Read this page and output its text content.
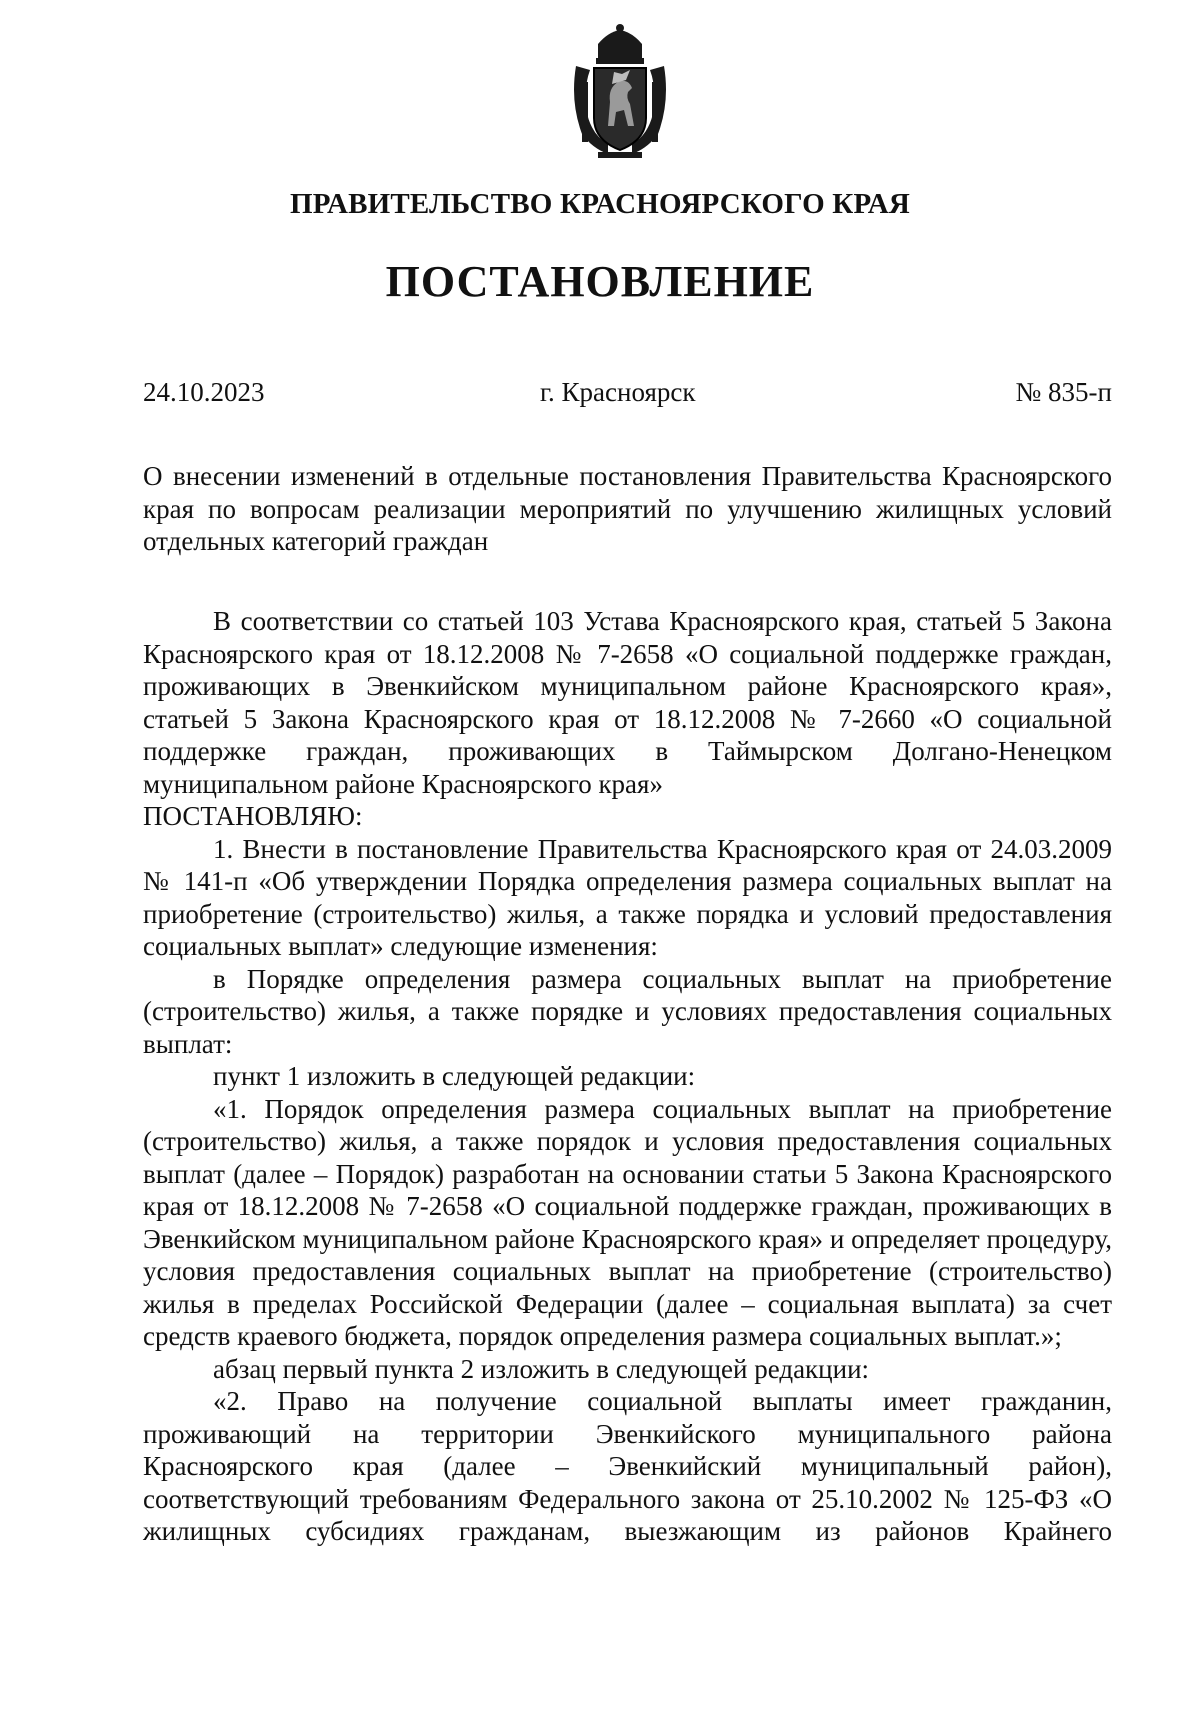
ПРАВИТЕЛЬСТВО КРАСНОЯРСКОГО КРАЯ
ПОСТАНОВЛЕНИЕ
24.10.2023	г. Красноярск	№ 835-п
О внесении изменений в отдельные постановления Правительства Красноярского края по вопросам реализации мероприятий по улучшению жилищных условий отдельных категорий граждан

В соответствии со статьей 103 Устава Красноярского края, статьей 5 Закона Красноярского края от 18.12.2008 № 7-2658 «О социальной поддержке граждан, проживающих в Эвенкийском муниципальном районе Красноярского края», статьей 5 Закона Красноярского края от 18.12.2008 № 7-2660 «О социальной поддержке граждан, проживающих в Таймырском Долгано-Ненецком муниципальном районе Красноярского края»

ПОСТАНОВЛЯЮ:

1. Внести в постановление Правительства Красноярского края от 24.03.2009 № 141-п «Об утверждении Порядка определения размера социальных выплат на приобретение (строительство) жилья, а также порядка и условий предоставления социальных выплат» следующие изменения:

в Порядке определения размера социальных выплат на приобретение (строительство) жилья, а также порядке и условиях предоставления социальных выплат:

пункт 1 изложить в следующей редакции:

«1. Порядок определения размера социальных выплат на приобретение (строительство) жилья, а также порядок и условия предоставления социальных выплат (далее – Порядок) разработан на основании статьи 5 Закона Красноярского края от 18.12.2008 № 7-2658 «О социальной поддержке граждан, проживающих в Эвенкийском муниципальном районе Красноярского края» и определяет процедуру, условия предоставления социальных выплат на приобретение (строительство) жилья в пределах Российской Федерации (далее – социальная выплата) за счет средств краевого бюджета, порядок определения размера социальных выплат.»;

абзац первый пункта 2 изложить в следующей редакции:

«2. Право на получение социальной выплаты имеет гражданин, проживающий на территории Эвенкийского муниципального района Красноярского края (далее – Эвенкийский муниципальный район), соответствующий требованиям Федерального закона от 25.10.2002 № 125-ФЗ «О жилищных субсидиях гражданам, выезжающим из районов Крайнего
